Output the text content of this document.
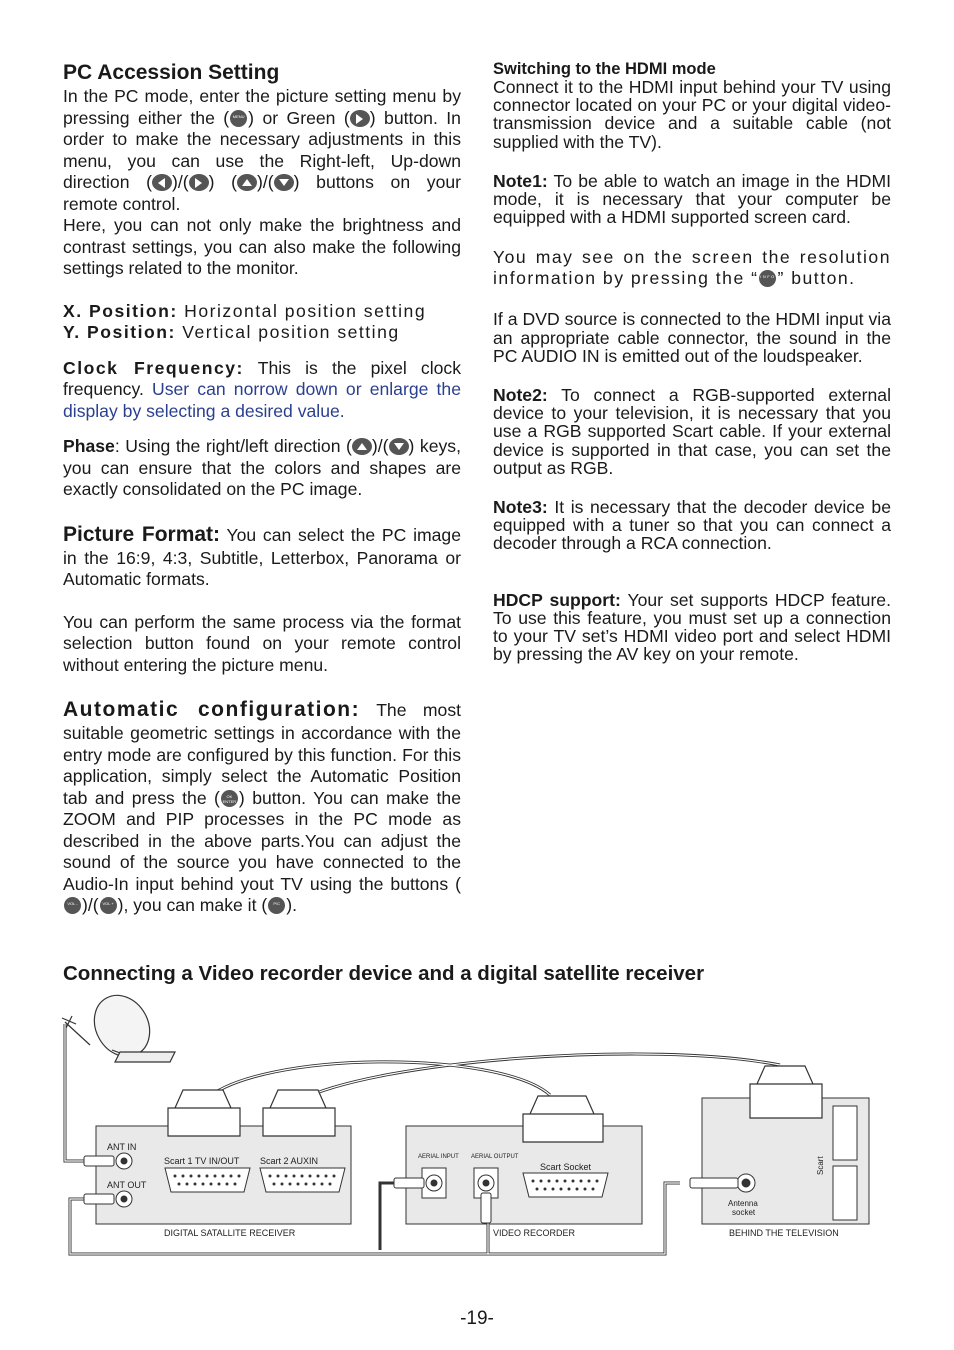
PC Accession Setting

In the PC mode, enter the picture setting menu by pressing either the ( MENU ) or Green ( ) button. In order to make the necessary adjustments in this menu, you can use the Right-left, Up-down direction ( )/( ) ( )/( ) buttons on your remote control.

Here, you can not only make the brightness and contrast settings, you can also make the following settings related to the monitor.

X. Position: Horizontal position setting

Y. Position: Vertical position setting

Clock Frequency: This is the pixel clock frequency. User can norrow down or enlarge the display by selecting a desired value.

Phase: Using the right/left direction ( )/( ) keys, you can ensure that the colors and shapes are exactly consolidated on the PC image.

Picture Format: You can select the PC image in the 16:9, 4:3, Subtitle, Letterbox, Panorama or Automatic formats.

You can perform the same process via the format selection button found on your remote control without entering the picture menu.

Automatic configuration: The most suitable geometric settings in accordance with the entry mode are configured by this function. For this application, simply select the Automatic Position tab and press the (	OK ENTER ) button. You can make the ZOOM and PIP processes in the PC mode as described in the above parts.You can adjust the sound of the source you have connected to the Audio-In input behind yout TV using the buttons (
VOL - )/( VOL + ), you can make it (	P/C ).

Switching to the HDMI mode

Connect it to the HDMI input behind your TV using connector located on your PC or your digital video-transmission device and a suitable cable (not supplied with the TV).

Note1: To be able to watch an image in the HDMI mode, it is necessary that your computer be equipped with a HDMI supported screen card.

You may see on the screen the resolution information by pressing the “ INFO ” button.

If a DVD source is connected to the HDMI input via an appropriate cable connector, the sound in the PC AUDIO IN is emitted out of the loudspeaker.

Note2: To connect a RGB-supported external device to your television, it is necessary that you use a RGB supported Scart cable. If your external device is supported in that case, you can set the output as RGB.

Note3: It is necessary that the decoder device be equipped with a tuner so that you can connect a decoder through a RCA connection.

HDCP support: Your set supports HDCP feature. To use this feature, you must set up a connection to your TV set’s HDMI video port and select HDMI by pressing the AV key on your remote.

Connecting a Video recorder device and a digital satellite receiver
ANT IN
ANT OUT
Scart 1 TV IN/OUT Scart 2 AUXIN
DIGITAL SATALLITE RECEIVER	VIDEO RECORDER
Scart Socket
BEHIND THE TELEVISION
AERIAL INPUT AERIAL OUTPUT
Antenna
socket
Scart
-19-
